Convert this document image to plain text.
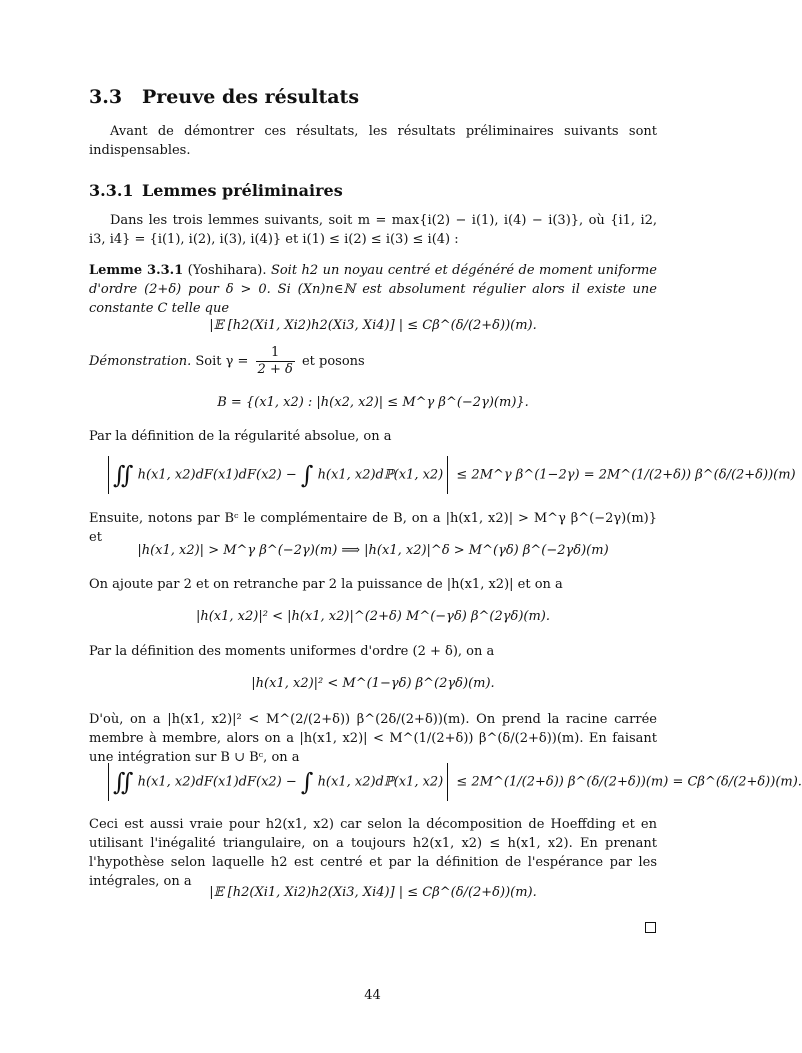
3.3 Preuve des résultats
Avant de démontrer ces résultats, les résultats préliminaires suivants sont indispensables.
3.3.1 Lemmes préliminaires
Dans les trois lemmes suivants, soit m = max{i(2) − i(1), i(4) − i(3)}, où {i1, i2, i3, i4} = {i(1), i(2), i(3), i(4)} et i(1) ≤ i(2) ≤ i(3) ≤ i(4) :
Lemme 3.3.1 (Yoshihara). Soit h2 un noyau centré et dégénéré de moment uniforme d'ordre (2+δ) pour δ > 0. Si (Xn)n∈ℕ est absolument régulier alors il existe une constante C telle que
|𝔼 [h2(Xi1, Xi2)h2(Xi3, Xi4)] | ≤ Cβ^(δ/(2+δ))(m).
Démonstration. Soit $\gamma = \frac{1}{2 + \delta}$ et posons
B = {(x1, x2) : |h(x2, x2)| ≤ M^γ β^(−2γ)(m)}.
Par la définition de la régularité absolue, on a
∬ h(x1, x2)dF(x1)dF(x2) − ∫ h(x1, x2)dℙ(x1, x2) ≤ 2M^γ β^(1−2γ) = 2M^(1/(2+δ)) β^(δ/(2+δ))(m)
Ensuite, notons par Bᶜ le complémentaire de B, on a |h(x1, x2)| > M^γ β^(−2γ)(m)} et
|h(x1, x2)| > M^γ β^(−2γ)(m) ⟹ |h(x1, x2)|^δ > M^(γδ) β^(−2γδ)(m)
On ajoute par 2 et on retranche par 2 la puissance de |h(x1, x2)| et on a
|h(x1, x2)|² < |h(x1, x2)|^(2+δ) M^(−γδ) β^(2γδ)(m).
Par la définition des moments uniformes d'ordre (2 + δ), on a
|h(x1, x2)|² < M^(1−γδ) β^(2γδ)(m).
D'où, on a |h(x1, x2)|² < M^(2/(2+δ)) β^(2δ/(2+δ))(m). On prend la racine carrée membre à membre, alors on a |h(x1, x2)| < M^(1/(2+δ)) β^(δ/(2+δ))(m). En faisant une intégration sur B ∪ Bᶜ, on a
∬ h(x1, x2)dF(x1)dF(x2) − ∫ h(x1, x2)dℙ(x1, x2) ≤ 2M^(1/(2+δ)) β^(δ/(2+δ))(m) = Cβ^(δ/(2+δ))(m).
Ceci est aussi vraie pour h2(x1, x2) car selon la décomposition de Hoeffding et en utilisant l'inégalité triangulaire, on a toujours h2(x1, x2) ≤ h(x1, x2). En prenant l'hypothèse selon laquelle h2 est centré et par la définition de l'espérance par les intégrales, on a
|𝔼 [h2(Xi1, Xi2)h2(Xi3, Xi4)] | ≤ Cβ^(δ/(2+δ))(m).
44
